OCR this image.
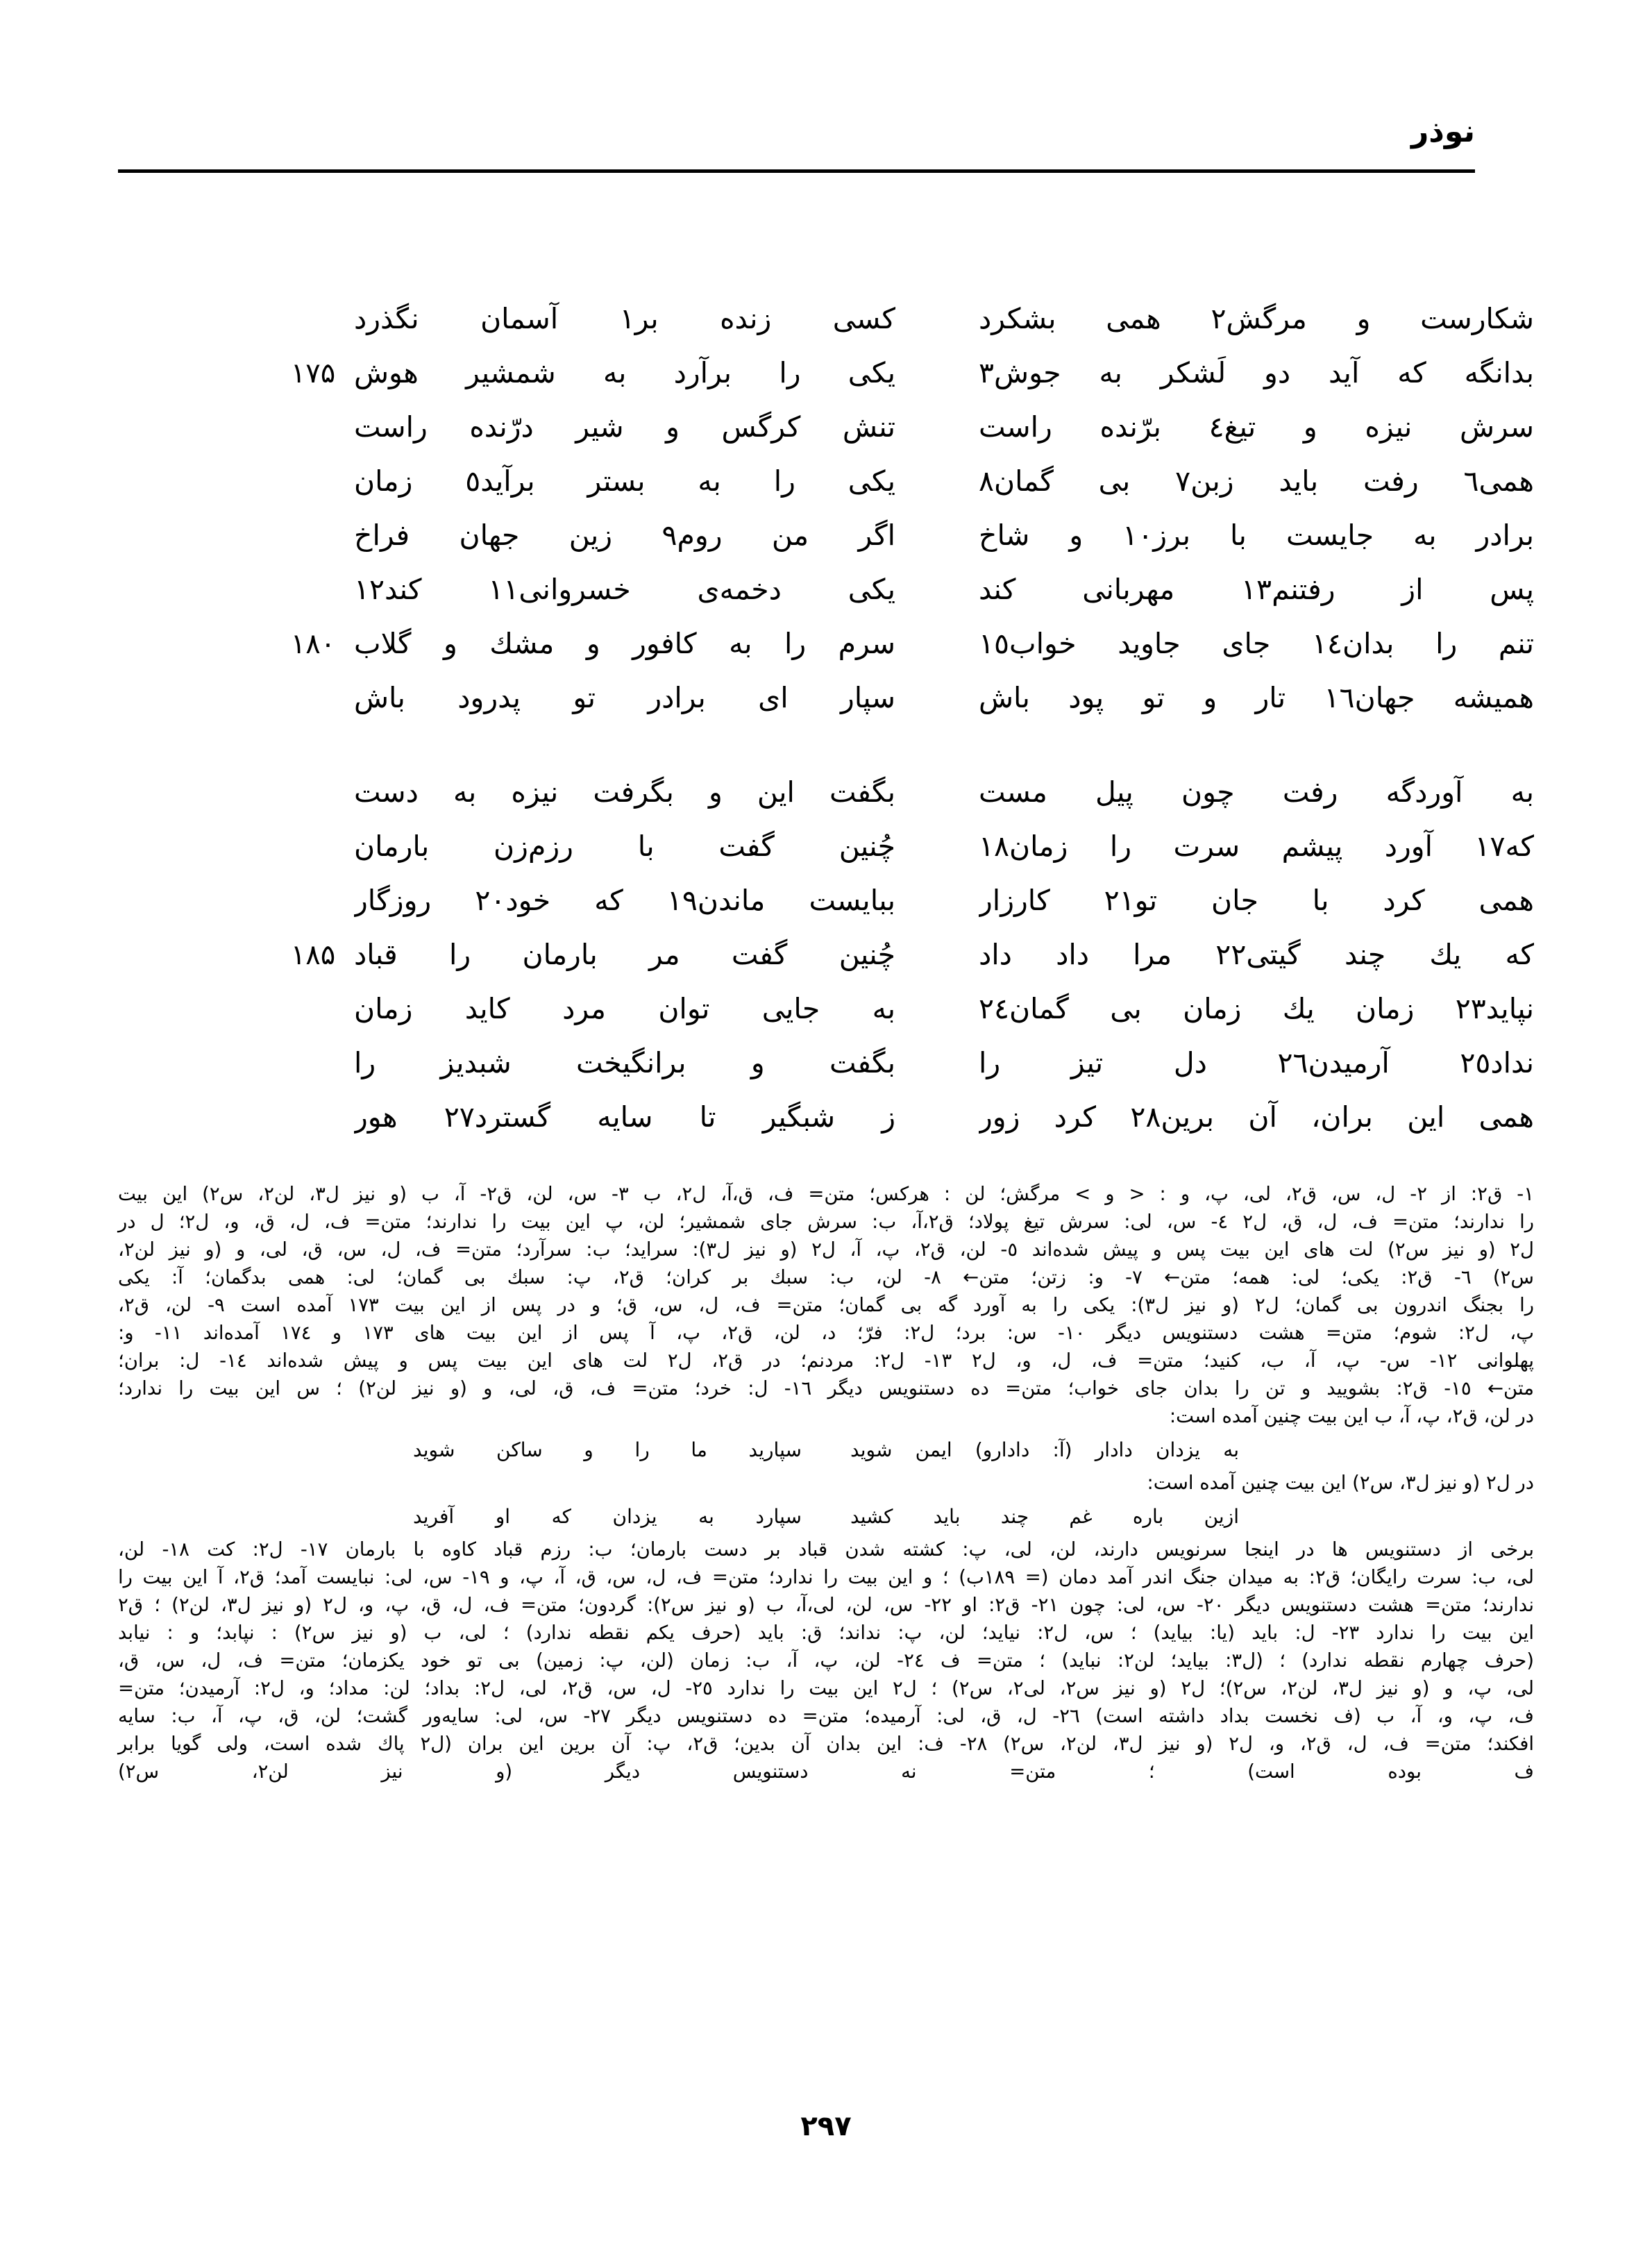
نوذر
شکارست و مرگش٢ همی بشکرد
کسی زنده بر١ آسمان نگذرد
بدانگه که آید دو لَشکر به جوش٣
یکی را برآرد به شمشیر هوش
۱۷۵
سرش نیزه و تیغ٤ برّنده راست
تنش کرگس و شیر درّنده راست
همی٦ رفت باید زبن٧ بی گمان٨
یکی را به بستر برآید٥ زمان
برادر به جایست با برز١٠ و شاخ
اگر من روم٩ زین جهان فراخ
پس از رفتنم١٣ مهربانی کند
یکی دخمه‌ی خسروانی١١ کند١٢
تنم را بدان١٤ جای جاوید خواب١٥
سرم را به کافور و مشك و گلاب
۱۸۰
همیشه جهان١٦ تار و تو پود باش
سپار ای برادر تو پدرود باش
به آوردگه رفت چون پیل مست
بگفت این و بگرفت نیزه به دست
که١٧ آورد پیشم سرت را زمان١٨
چُنین گفت با رزم‌زن بارمان
همی کرد با جان تو٢١ کارزار
ببایست ماندن١٩ که خود٢٠ روزگار
که یك چند گیتی٢٢ مرا داد داد
چُنین گفت مر بارمان را قباد
۱۸۵
نپاید٢٣ زمان یك زمان بی گمان٢٤
به جایی توان مرد کاید زمان
نداد٢٥ آرمیدن٢٦ دل تیز را
بگفت و برانگیخت شبدیز را
همی این بران، آن برین٢٨ کرد زور
ز شبگیر تا سایه گسترد٢٧ هور
١- ق٢: از ٢- ل، س، ق٢، لی، پ، و : < و > مرگش؛ لن : هرکس؛ متن= ف، ق،آ، ل٢، ب ٣- س، لن، ق٢- آ، ب (و نیز ل٣، لن٢، س٢) این بیت
را ندارند؛ متن= ف، ل، ق، ل٢ ٤- س، لی: سرش تیغ پولاد؛ ق٢،آ، ب: سرش جای شمشیر؛ لن، پ این بیت را ندارند؛ متن= ف، ل، ق، و، ل٢؛ ل در
ل٢ (و نیز س٢) لت های این بیت پس و پیش شده‌اند ٥- لن، ق٢، پ، آ، ل٢ (و نیز ل٣): سراید؛ ب: سرآرد؛ متن= ف، ل، س، ق، لی، و (و نیز لن٢،
س٢) ٦- ق٢: یکی؛ لی: همه؛ متن← ٧- و: زتن؛ متن← ٨- لن، ب: سبك بر کران؛ ق٢، پ: سبك بی گمان؛ لی: همی بدگمان؛ آ: یکی
را بجنگ اندرون بی گمان؛ ل٢ (و نیز ل٣): یکی را به آورد گه بی گمان؛ متن= ف، ل، س، ق؛ و در پس از این بیت ١٧٣ آمده است ٩- لن، ق٢،
پ، ل٢: شوم؛ متن= هشت دستنویس دیگر ١٠- س: برد؛ ل٢: فرّ؛ د، لن، ق٢، پ، آ پس از این بیت های ١٧٣ و ١٧٤ آمده‌اند ١١- و:
پهلوانی ١٢- س- پ، آ، ب، کنید؛ متن= ف، ل، و، ل٢ ١٣- ل٢: مردنم؛ در ق٢، ل٢ لت های این بیت پس و پیش شده‌اند ١٤- ل: بران؛
متن← ١٥- ق٢: بشویید و تن را بدان جای خواب؛ متن= ده دستنویس دیگر ١٦- ل: خرد؛ متن= ف، ق، لی، و (و نیز لن٢) ؛ س این بیت را ندارد؛
در لن، ق٢، پ، آ، ب این بیت چنین آمده است:
به یزدان دادار (آ: دادارو) ایمن شوید
سپارید ما را و ساکن شوید
در ل٢ (و نیز ل٣، س٢) این بیت چنین آمده است:
ازین باره غم چند باید کشید
سپارد به یزدان که او آفرید
برخی از دستنویس ها در اینجا سرنویس دارند، لن، لی، پ: کشته شدن قباد بر دست بارمان؛ ب: رزم قباد کاوه با بارمان ١٧- ل٢: کت ١٨- لن،
لی، ب: سرت رایگان؛ ق٢: به میدان جنگ اندر آمد دمان (= ١٨٩ب) ؛ و این بیت را ندارد؛ متن= ف، ل، س، ق، آ، پ، و ١٩- س، لی: نبایست آمد؛ ق٢، آ این بیت را
ندارند؛ متن= هشت دستنویس دیگر ٢٠- س، لی: چون ٢١- ق٢: او ٢٢- س، لن، لی،آ، ب (و نیز س٢): گردون؛ متن= ف، ل، ق، پ، و، ل٢ (و نیز ل٣، لن٢) ؛ ق٢
این بیت را ندارد ٢٣- ل: باید (یا: بیاید) ؛ س، ل٢: نیاید؛ لن، پ: نداند؛ ق: باید (حرف یکم نقطه ندارد) ؛ لی، ب (و نیز س٢) : نپابد؛ و : نیابد
(حرف چهارم نقطه ندارد) ؛ (ل٣: بیاید؛ لن٢: نباید) ؛ متن= ف ٢٤- لن، پ، آ، ب: زمان (لن، پ: زمین) بی تو خود یکزمان؛ متن= ف، ل، س، ق،
لی، پ، و (و نیز ل٣، لن٢، س٢)؛ ل٢ (و نیز س٢، لی٢، س٢) ؛ ل٢ این بیت را ندارد ٢٥- ل، س، ق٢، لی، ل٢: بداد؛ لن: مداد؛ و، ل٢: آرمیدن؛ متن=
ف، پ، و، آ، ب (ف نخست بداد داشته است) ٢٦- ل، ق، لی: آرمیده؛ متن= ده دستنویس دیگر ٢٧- س، لی: سایه‌ور گشت؛ لن، ق، پ، آ، ب: سایه
افکند؛ متن= ف، ل، ق٢، و، ل٢ (و نیز ل٣، لن٢، س٢) ٢٨- ف: این بدان آن بدین؛ ق٢، پ: آن برین این بران (ل٢ پاك شده است، ولی گویا برابر
ف بوده است) ؛ متن= نه دستنویس دیگر (و نیز لن٢، س٢)
۲۹۷
